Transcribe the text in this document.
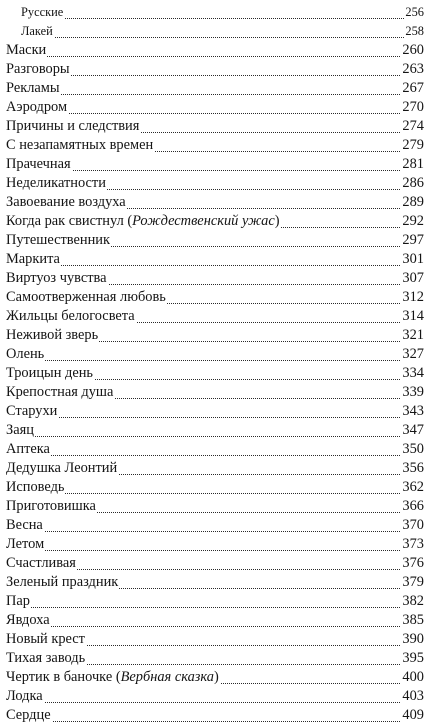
Русские	256
Лакей	258
Маски	260
Разговоры	263
Рекламы	267
Аэродром	270
Причины и следствия	274
С незапамятных времен	279
Прачечная	281
Неделикатности	286
Завоевание воздуха	289
Когда рак свистнул (Рождественский ужас)	292
Путешественник	297
Маркита	301
Виртуоз чувства	307
Самоотверженная любовь	312
Жильцы белогосвета	314
Неживой зверь	321
Олень	327
Троицын день	334
Крепостная душа	339
Старухи	343
Заяц	347
Аптека	350
Дедушка Леонтий	356
Исповедь	362
Приготовишка	366
Весна	370
Летом	373
Счастливая	376
Зеленый праздник	379
Пар	382
Явдоха	385
Новый крест	390
Тихая заводь	395
Чертик в баночке (Вербная сказка)	400
Лодка	403
Сердце	409
